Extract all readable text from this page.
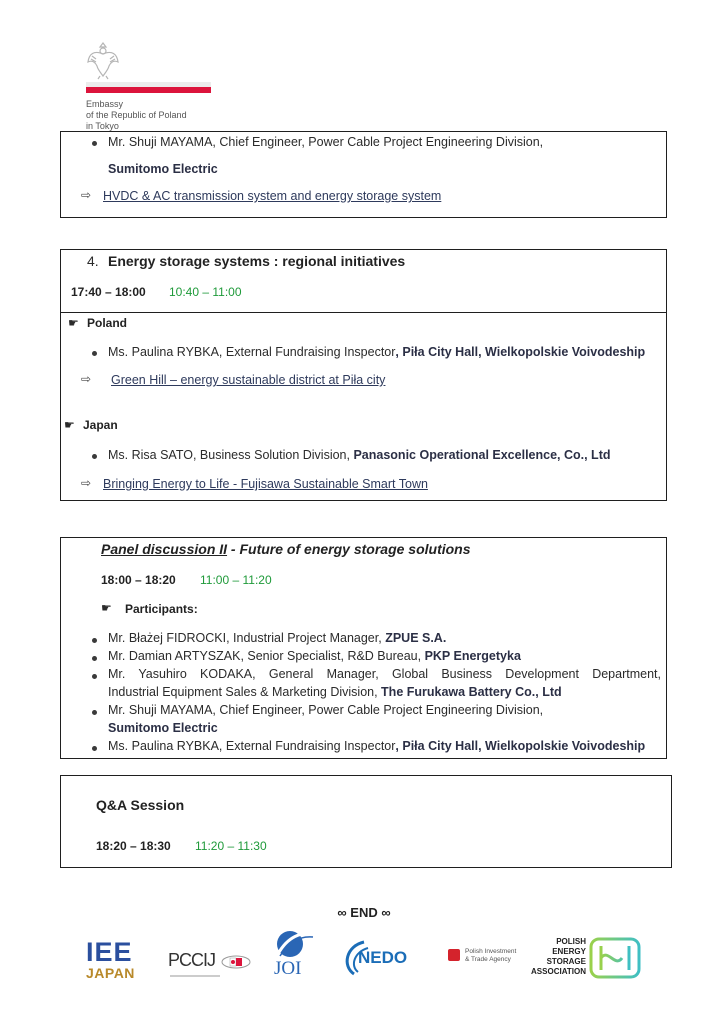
Embassy
of the Republic of Poland
in Tokyo
Mr. Shuji MAYAMA, Chief Engineer, Power Cable Project Engineering Division,
Sumitomo Electric
⇨ HVDC & AC transmission system and energy storage system
4. Energy storage systems : regional initiatives
17:40 – 18:00 10:40 – 11:00
☛ Poland
Ms. Paulina RYBKA, External Fundraising Inspector, Piła City Hall, Wielkopolskie Voivodeship
⇨ Green Hill – energy sustainable district at Piła city
☛ Japan
Ms. Risa SATO, Business Solution Division, Panasonic Operational Excellence, Co., Ltd
⇨ Bringing Energy to Life - Fujisawa Sustainable Smart Town
Panel discussion II - Future of energy storage solutions
18:00 – 18:20 11:00 – 11:20
☛ Participants:
Mr. Błażej FIDROCKI, Industrial Project Manager, ZPUE S.A.
Mr. Damian ARTYSZAK, Senior Specialist, R&D Bureau, PKP Energetyka
Mr. Yasuhiro KODAKA, General Manager, Global Business Development Department,
Industrial Equipment Sales & Marketing Division, The Furukawa Battery Co., Ltd
Mr. Shuji MAYAMA, Chief Engineer, Power Cable Project Engineering Division,
Sumitomo Electric
Ms. Paulina RYBKA, External Fundraising Inspector, Piła City Hall, Wielkopolskie Voivodeship
Q&A Session
18:20 – 18:30 11:20 – 11:30
∞ END ∞
IEE
JAPAN
PCCIJ	JOI
NEDO	Polish Investment
& Trade Agency
POLISH
ENERGY
STORAGE
ASSOCIATION
